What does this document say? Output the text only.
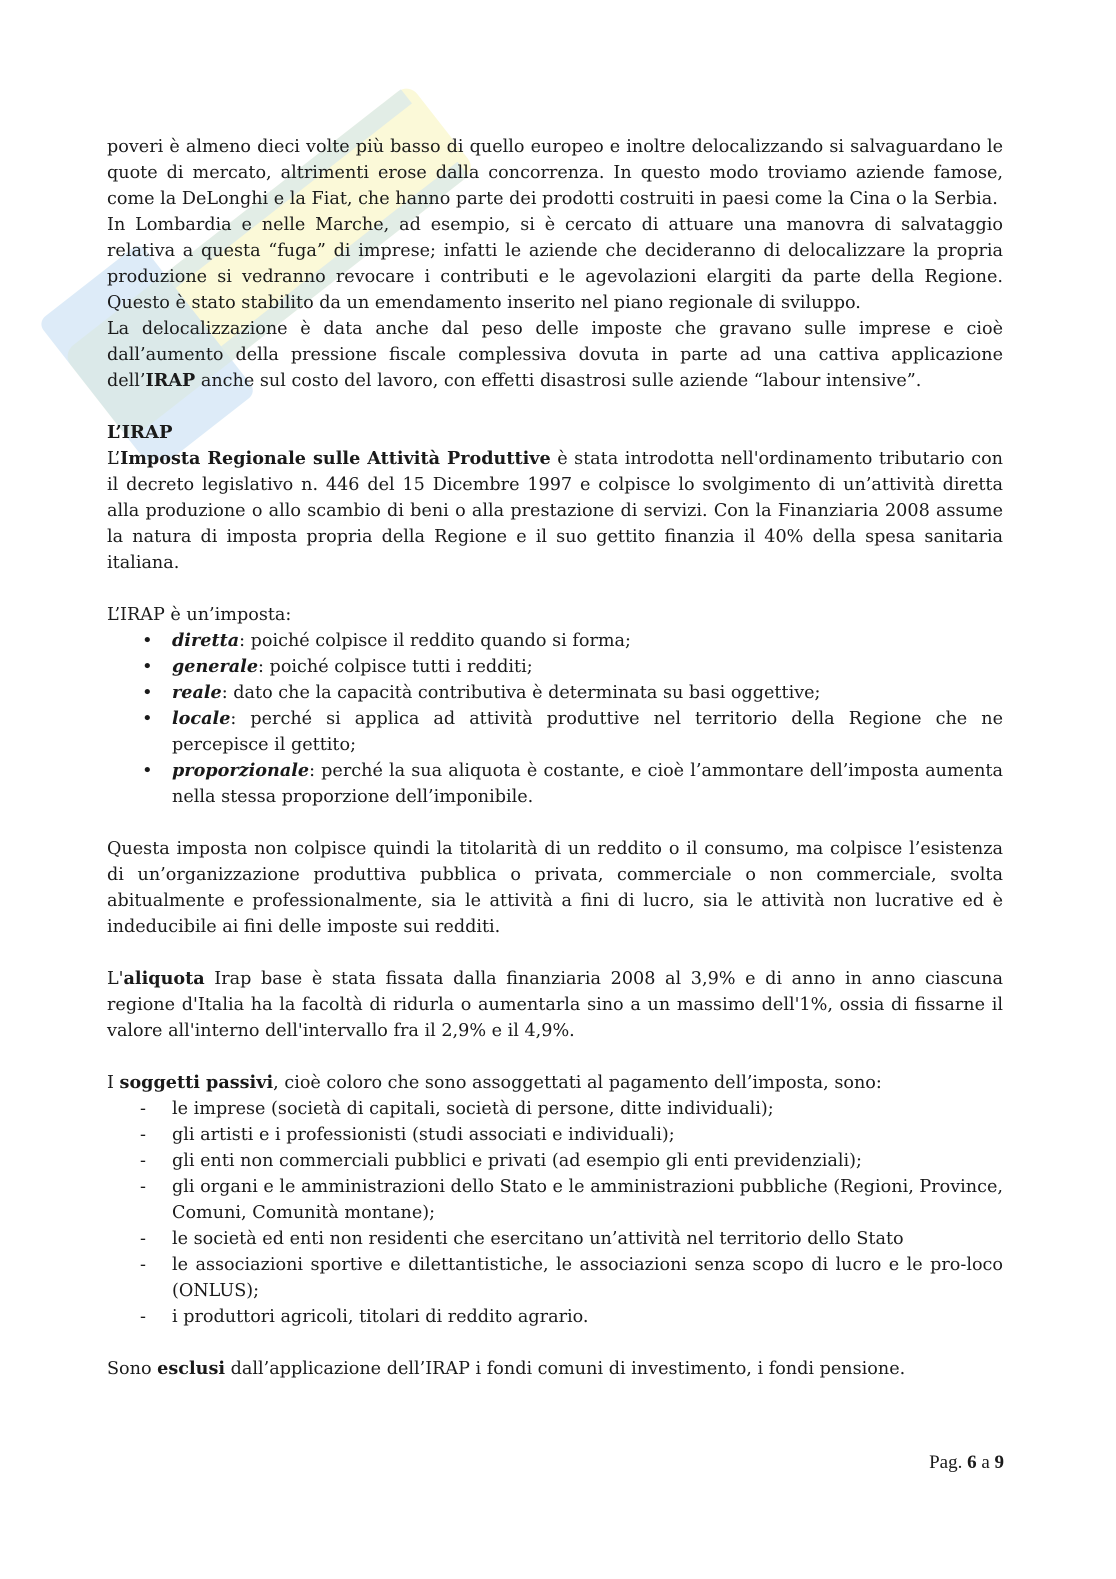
poveri è almeno dieci volte più basso di quello europeo e inoltre delocalizzando si salvaguardano le quote di mercato, altrimenti erose dalla concorrenza. In questo modo troviamo aziende famose, come la DeLonghi e la Fiat, che hanno parte dei prodotti costruiti in paesi come la Cina o la Serbia.

In Lombardia e nelle Marche, ad esempio, si è cercato di attuare una manovra di salvataggio relativa a questa “fuga” di imprese; infatti le aziende che decideranno di delocalizzare la propria produzione si vedranno revocare i contributi e le agevolazioni elargiti da parte della Regione. Questo è stato stabilito da un emendamento inserito nel piano regionale di sviluppo.

La delocalizzazione è data anche dal peso delle imposte che gravano sulle imprese e cioè dall’aumento della pressione fiscale complessiva dovuta in parte ad una cattiva applicazione dell’IRAP anche sul costo del lavoro, con effetti disastrosi sulle aziende “labour intensive”.

L’IRAP

L’Imposta Regionale sulle Attività Produttive è stata introdotta nell'ordinamento tributario con il decreto legislativo n. 446 del 15 Dicembre 1997 e colpisce lo svolgimento di un’attività diretta alla produzione o allo scambio di beni o alla prestazione di servizi. Con la Finanziaria 2008 assume la natura di imposta propria della Regione e il suo gettito finanzia il 40% della spesa sanitaria italiana.

L’IRAP è un’imposta:

• diretta: poiché colpisce il reddito quando si forma;
• generale: poiché colpisce tutti i redditi;
• reale: dato che la capacità contributiva è determinata su basi oggettive;
• locale: perché si applica ad attività produttive nel territorio della Regione che ne percepisce il gettito;
• proporzionale: perché la sua aliquota è costante, e cioè l’ammontare dell’imposta aumenta nella stessa proporzione dell’imponibile.

Questa imposta non colpisce quindi la titolarità di un reddito o il consumo, ma colpisce l’esistenza di un’organizzazione produttiva pubblica o privata, commerciale o non commerciale, svolta abitualmente e professionalmente, sia le attività a fini di lucro, sia le attività non lucrative ed è indeducibile ai fini delle imposte sui redditi.

L'aliquota Irap base è stata fissata dalla finanziaria 2008 al 3,9% e di anno in anno ciascuna regione d'Italia ha la facoltà di ridurla o aumentarla sino a un massimo dell'1%, ossia di fissarne il valore all'interno dell'intervallo fra il 2,9% e il 4,9%.

I soggetti passivi, cioè coloro che sono assoggettati al pagamento dell’imposta, sono:

- le imprese (società di capitali, società di persone, ditte individuali);
- gli artisti e i professionisti (studi associati e individuali);
- gli enti non commerciali pubblici e privati (ad esempio gli enti previdenziali);
- gli organi e le amministrazioni dello Stato e le amministrazioni pubbliche (Regioni, Province, Comuni, Comunità montane);
- le società ed enti non residenti che esercitano un’attività nel territorio dello Stato
- le associazioni sportive e dilettantistiche, le associazioni senza scopo di lucro e le pro-loco (ONLUS);
- i produttori agricoli, titolari di reddito agrario.

Sono esclusi dall’applicazione dell’IRAP i fondi comuni di investimento, i fondi pensione.

Pag. 6 a 9
